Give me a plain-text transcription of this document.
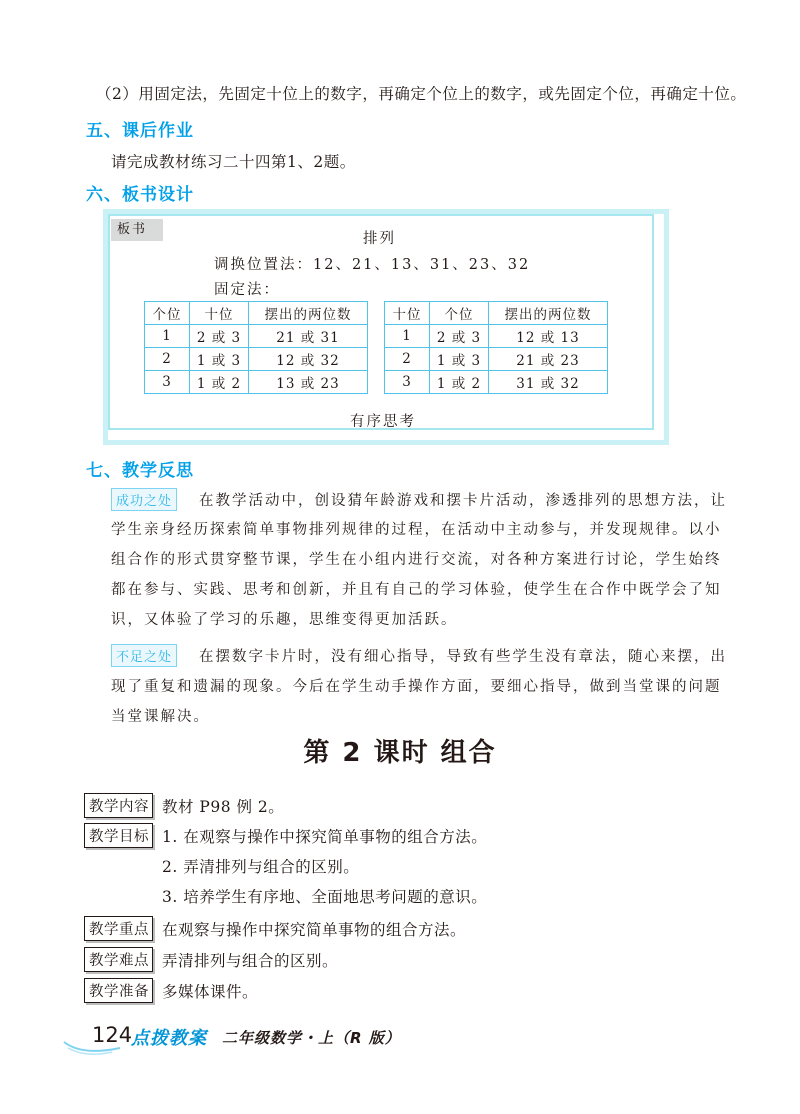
（2）用固定法，先固定十位上的数字，再确定个位上的数字，或先固定个位，再确定十位。
五、课后作业
请完成教材练习二十四第1、2题。
六、板书设计
板书
排列
调换位置法：12、21、13、31、23、32
固定法：
个位	十位	摆出的两位数
1	2 或 3	21 或 31
2	1 或 3	12 或 32
3	1 或 2	13 或 23
十位	个位	摆出的两位数
1	2 或 3	12 或 13
2	1 或 3	21 或 23
3	1 或 2	31 或 32
有序思考
七、教学反思
成功之处	在教学活动中，创设猜年龄游戏和摆卡片活动，渗透排列的思想方法，让
学生亲身经历探索简单事物排列规律的过程，在活动中主动参与，并发现规律。以小
组合作的形式贯穿整节课，学生在小组内进行交流，对各种方案进行讨论，学生始终
都在参与、实践、思考和创新，并且有自己的学习体验，使学生在合作中既学会了知
识，又体验了学习的乐趣，思维变得更加活跃。
不足之处	在摆数字卡片时，没有细心指导，导致有些学生没有章法，随心来摆，出
现了重复和遗漏的现象。今后在学生动手操作方面，要细心指导，做到当堂课的问题
当堂课解决。
第 2 课时 组合
教学内容 教材 P98 例 2。
教学目标 1. 在观察与操作中探究简单事物的组合方法。
2. 弄清排列与组合的区别。
3. 培养学生有序地、全面地思考问题的意识。
教学重点 在观察与操作中探究简单事物的组合方法。
教学难点 弄清排列与组合的区别。
教学准备 多媒体课件。
124
点拨教案 二年级数学・上（R 版）
